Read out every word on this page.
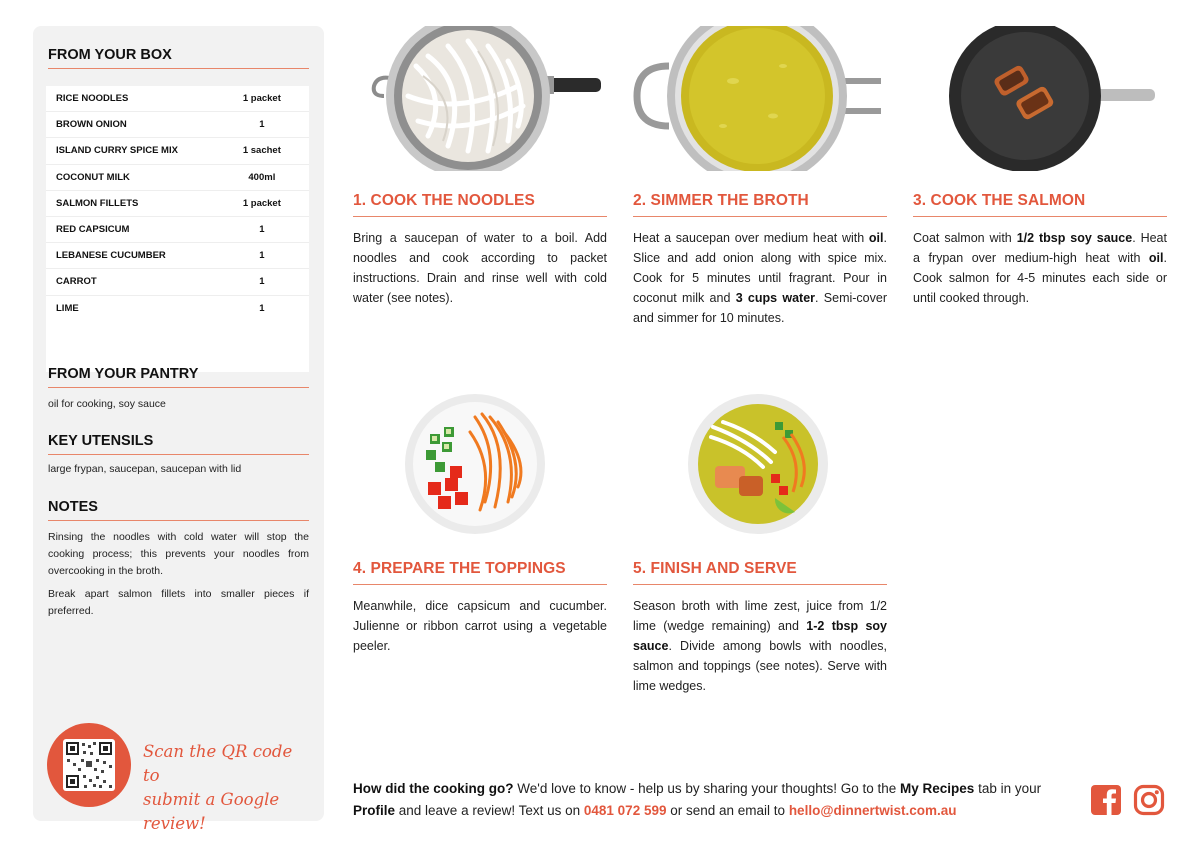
FROM YOUR BOX
RICE NOODLES	1 packet
BROWN ONION	1
ISLAND CURRY SPICE MIX	1 sachet
COCONUT MILK	400ml
SALMON FILLETS	1 packet
RED CAPSICUM	1
LEBANESE CUCUMBER	1
CARROT	1
LIME	1
FROM YOUR PANTRY
oil for cooking, soy sauce
KEY UTENSILS
large frypan, saucepan, saucepan with lid
NOTES

Rinsing the noodles with cold water will stop the cooking process; this prevents your noodles from overcooking in the broth.

Break apart salmon fillets into smaller pieces if preferred.

Scan the QR code to
submit a Google review!
1. COOK THE NOODLES
Bring a saucepan of water to a boil. Add noodles and cook according to packet instructions. Drain and rinse well with cold water (see notes).
2. SIMMER THE BROTH
Heat a saucepan over medium heat with oil. Slice and add onion along with spice mix. Cook for 5 minutes until fragrant. Pour in coconut milk and 3 cups water. Semi-cover and simmer for 10 minutes.
3. COOK THE SALMON
Coat salmon with 1/2 tbsp soy sauce. Heat a frypan over medium-high heat with oil. Cook salmon for 4-5 minutes each side or until cooked through.
4. PREPARE THE TOPPINGS
Meanwhile, dice capsicum and cucumber. Julienne or ribbon carrot using a vegetable peeler.
5. FINISH AND SERVE
Season broth with lime zest, juice from 1/2 lime (wedge remaining) and 1-2 tbsp soy sauce. Divide among bowls with noodles, salmon and toppings (see notes). Serve with lime wedges.
How did the cooking go? We'd love to know - help us by sharing your thoughts! Go to the My Recipes tab in your Profile and leave a review! Text us on 0481 072 599 or send an email to hello@dinnertwist.com.au
